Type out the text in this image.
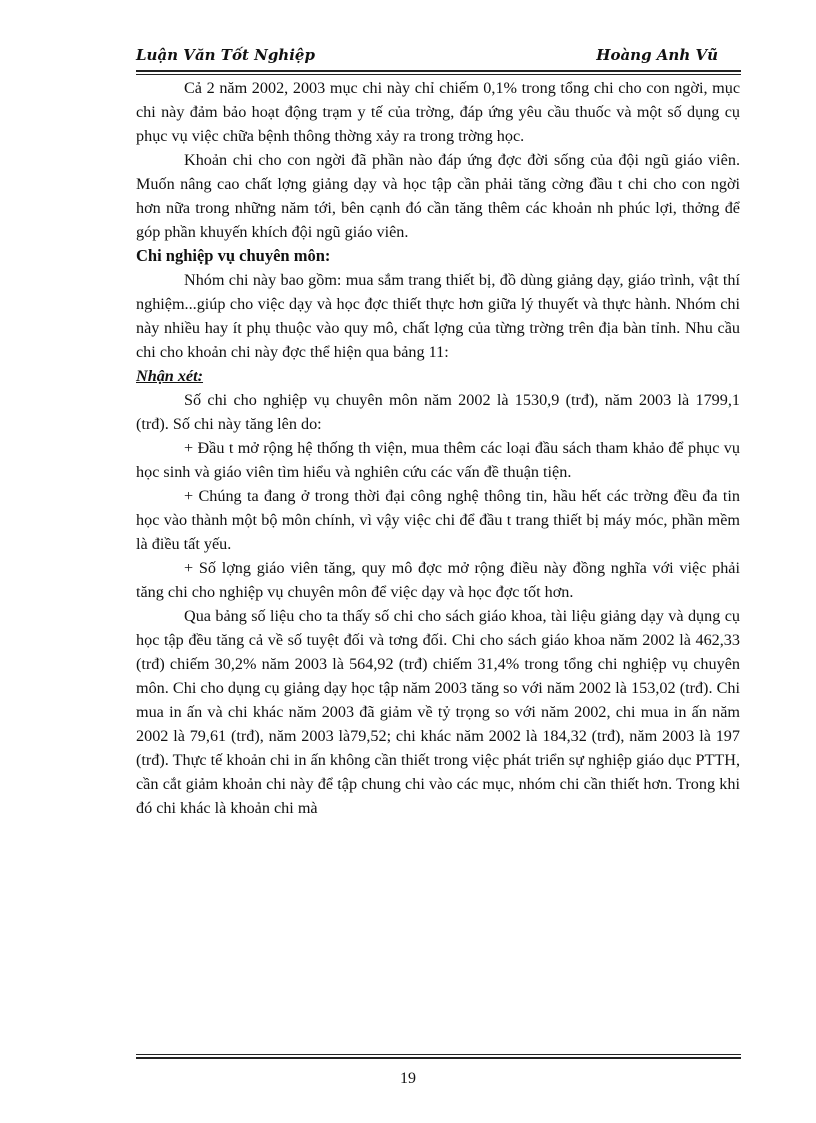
Luận Văn Tốt Nghiệp	Hoàng Anh Vũ

Cả 2 năm 2002, 2003 mục chi này chỉ chiếm 0,1% trong tổng chi cho con ngời, mục chi này đảm bảo hoạt động trạm y tế của trờng, đáp ứng yêu cầu thuốc và một số dụng cụ phục vụ việc chữa bệnh thông thờng xảy ra trong trờng học.

Khoản chi cho con ngời đã phần nào đáp ứng đợc đời sống của đội ngũ giáo viên. Muốn nâng cao chất lợng giảng dạy và học tập cần phải tăng cờng đầu t chi cho con ngời hơn nữa trong những năm tới, bên cạnh đó cần tăng thêm các khoản nh phúc lợi, thởng để góp phần khuyến khích đội ngũ giáo viên.

Chi nghiệp vụ chuyên môn:

Nhóm chi này bao gồm: mua sắm trang thiết bị, đồ dùng giảng dạy, giáo trình, vật thí nghiệm...giúp cho việc dạy và học đợc thiết thực hơn giữa lý thuyết và thực hành. Nhóm chi này nhiều hay ít phụ thuộc vào quy mô, chất lợng của từng trờng trên địa bàn tỉnh. Nhu cầu chi cho khoản chi này đợc thể hiện qua bảng 11:

Nhận xét:

Số chi cho nghiệp vụ chuyên môn năm 2002 là 1530,9 (trđ), năm 2003 là 1799,1 (trđ). Số chi này tăng lên do:

+ Đầu t mở rộng hệ thống th viện, mua thêm các loại đầu sách tham khảo để phục vụ học sinh và giáo viên tìm hiểu và nghiên cứu các vấn đề thuận tiện.

+ Chúng ta đang ở trong thời đại công nghệ thông tin, hầu hết các trờng đều đa tin học vào thành một bộ môn chính, vì vậy việc chi để đầu t trang thiết bị máy móc, phần mềm là điều tất yếu.

+ Số lợng giáo viên tăng, quy mô đợc mở rộng điều này đồng nghĩa với việc phải tăng chi cho nghiệp vụ chuyên môn để việc dạy và học đợc tốt hơn.

Qua bảng số liệu cho ta thấy số chi cho sách giáo khoa, tài liệu giảng dạy và dụng cụ học tập đều tăng cả về số tuyệt đối và tơng đối. Chi cho sách giáo khoa năm 2002 là 462,33 (trđ) chiếm 30,2% năm 2003 là 564,92 (trđ) chiếm 31,4% trong tổng chi nghiệp vụ chuyên môn. Chi cho dụng cụ giảng dạy học tập năm 2003 tăng so với năm 2002 là 153,02 (trđ). Chi mua in ấn và chi khác năm 2003 đã giảm về tỷ trọng so với năm 2002, chi mua in ấn năm 2002 là 79,61 (trđ), năm 2003 là79,52; chi khác năm 2002 là 184,32 (trđ), năm 2003 là 197 (trđ). Thực tế khoản chi in ấn không cần thiết trong việc phát triển sự nghiệp giáo dục PTTH, cần cắt giảm khoản chi này để tập chung chi vào các mục, nhóm chi cần thiết hơn. Trong khi đó chi khác là khoản chi mà

19
